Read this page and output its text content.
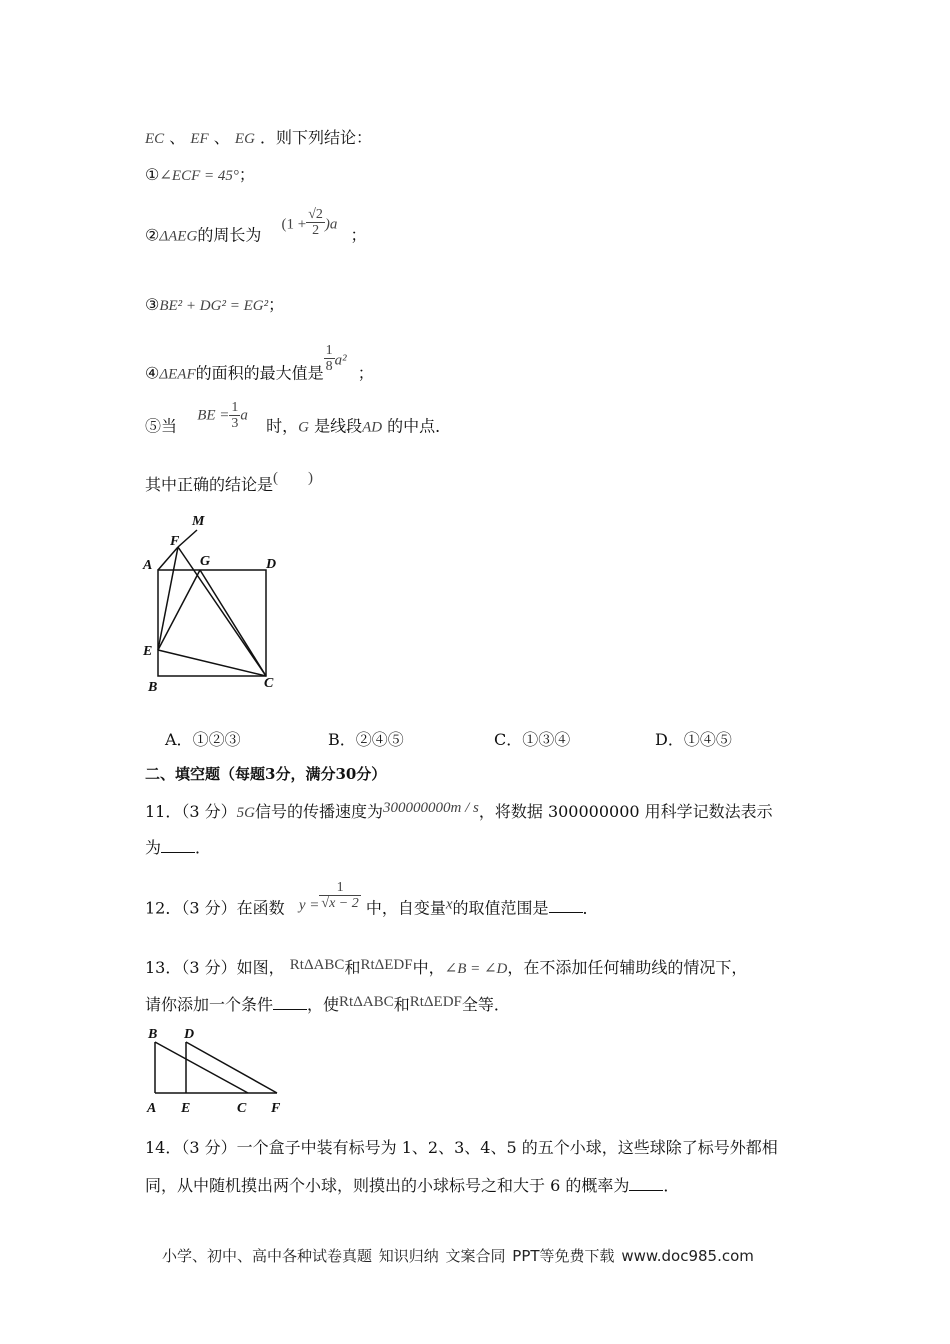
EC 、 EF 、 EG ．则下列结论：
①∠ECF = 45°；
②ΔAEG的周长为  $(1 + \frac{√2}{2} )a$ ；
③BE² + DG² = EG²；
④ΔEAF的面积的最大值是 $\frac{1}{8} a^2$ ；
⑤当  BE = $\frac{1}{3}$ a  时，G 是线段AD 的中点．
其中正确的结论是(        )
M
F
G
A	D
E
B	C
A．①②③	B．②④⑤	C．①③④	D．①④⑤
二、填空题（每题3分，满分30分）
11．（3 分）5G信号的传播速度为300000000m / s，将数据 300000000 用科学记数法表示
为 ．
12．（3 分）在函数 $y = \frac{1}{√x - 2}$ 中，自变量x的取值范围是 ．
13．（3 分）如图， RtΔABC和RtΔEDF中，∠B = ∠D，在不添加任何辅助线的情况下，
请你添加一个条件 ，使RtΔABC和RtΔEDF全等．
B D
A E	C F
14．（3 分）一个盒子中装有标号为 1、2、3、4、5 的五个小球，这些球除了标号外都相
同，从中随机摸出两个小球，则摸出的小球标号之和大于 6 的概率为 ．
小学、初中、高中各种试卷真题 知识归纳 文案合同 PPT等免费下载 www.doc985.com
